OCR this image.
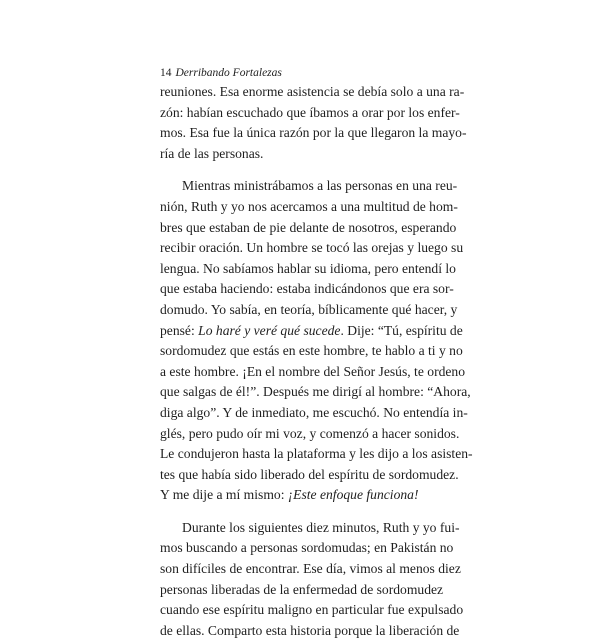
14 Derribando Fortalezas
reuniones. Esa enorme asistencia se debía solo a una ra-
zón: habían escuchado que íbamos a orar por los enfer-
mos. Esa fue la única razón por la que llegaron la mayo-
ría de las personas.
Mientras ministrábamos a las personas en una reu-
nión, Ruth y yo nos acercamos a una multitud de hom-
bres que estaban de pie delante de nosotros, esperando
recibir oración. Un hombre se tocó las orejas y luego su
lengua. No sabíamos hablar su idioma, pero entendí lo
que estaba haciendo: estaba indicándonos que era sor-
domudo. Yo sabía, en teoría, bíblicamente qué hacer, y
pensé: Lo haré y veré qué sucede. Dije: “Tú, espíritu de
sordomudez que estás en este hombre, te hablo a ti y no
a este hombre. ¡En el nombre del Señor Jesús, te ordeno
que salgas de él!”. Después me dirigí al hombre: “Ahora,
diga algo”. Y de inmediato, me escuchó. No entendía in-
glés, pero pudo oír mi voz, y comenzó a hacer sonidos.
Le condujeron hasta la plataforma y les dijo a los asisten-
tes que había sido liberado del espíritu de sordomudez.
Y me dije a mí mismo: ¡Este enfoque funciona!
Durante los siguientes diez minutos, Ruth y yo fui-
mos buscando a personas sordomudas; en Pakistán no
son difíciles de encontrar. Ese día, vimos al menos diez
personas liberadas de la enfermedad de sordomudez
cuando ese espíritu maligno en particular fue expulsado
de ellas. Comparto esta historia porque la liberación de
